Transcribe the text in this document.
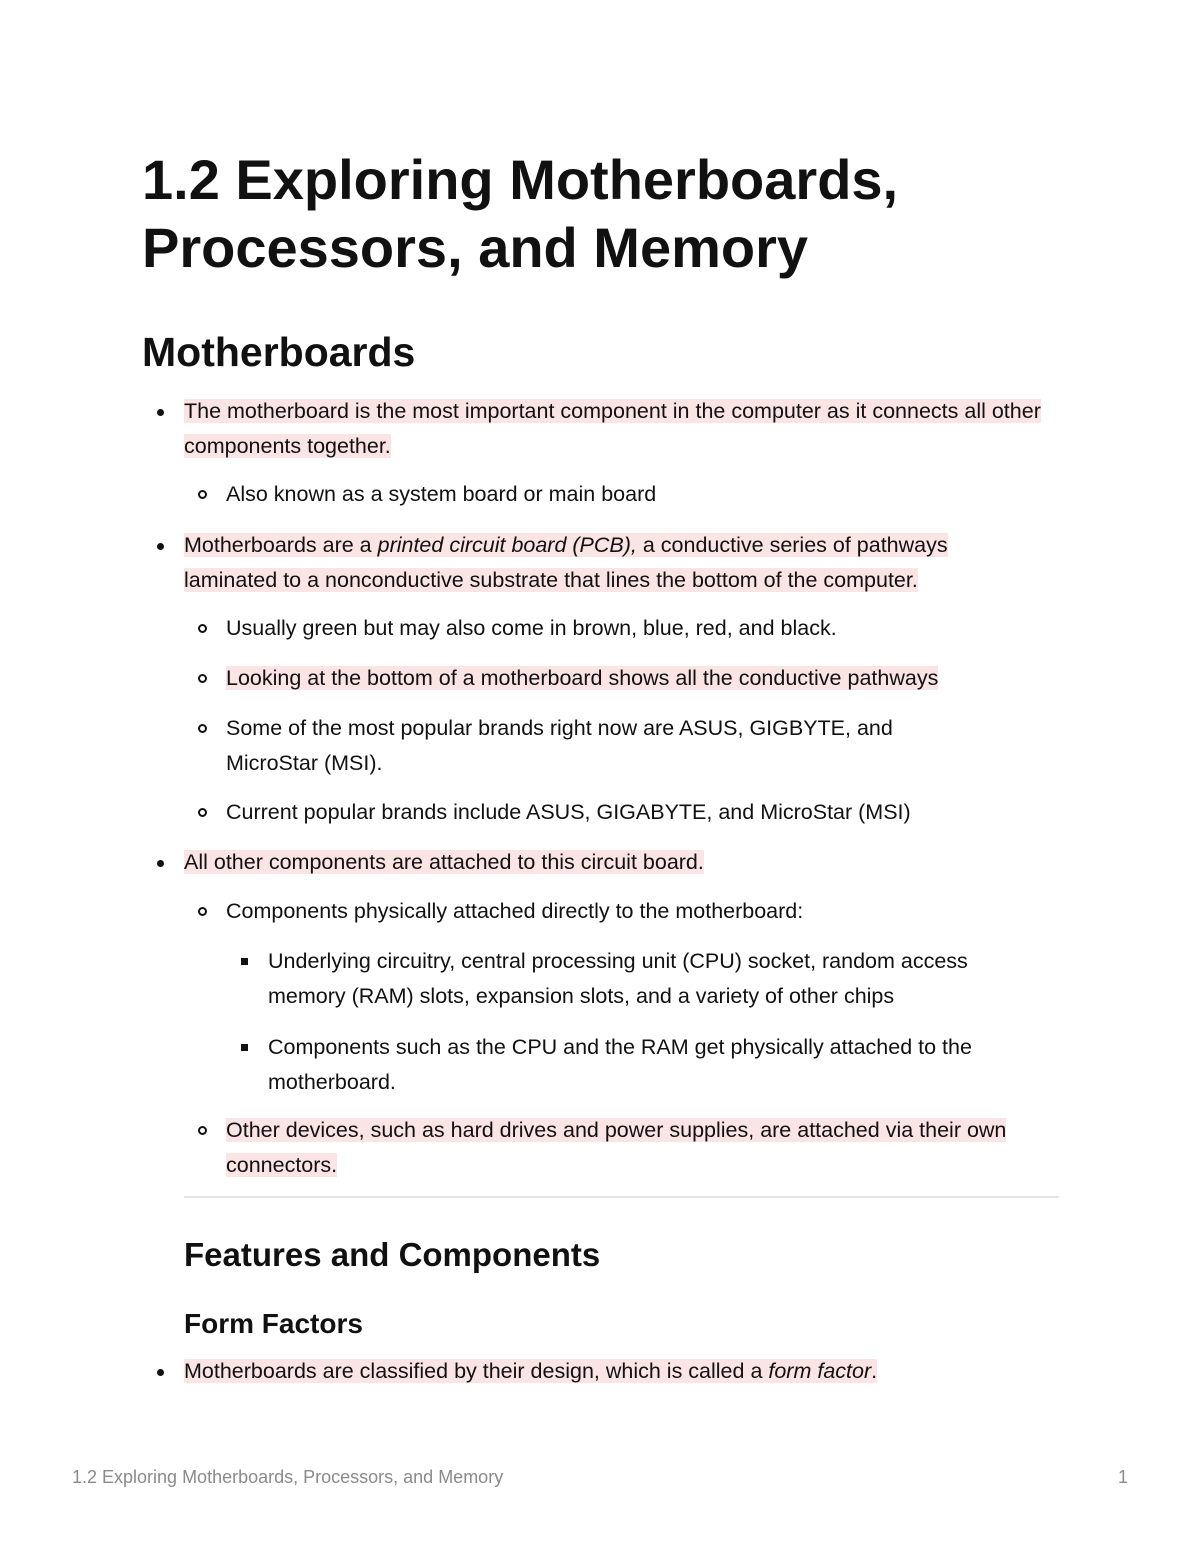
1.2 Exploring Motherboards, Processors, and Memory
Motherboards

The motherboard is the most important component in the computer as it connects all other components together.

Also known as a system board or main board

Motherboards are a printed circuit board (PCB), a conductive series of pathways laminated to a nonconductive substrate that lines the bottom of the computer.

Usually green but may also come in brown, blue, red, and black.

Looking at the bottom of a motherboard shows all the conductive pathways

Some of the most popular brands right now are ASUS, GIGBYTE, and MicroStar (MSI).

Current popular brands include ASUS, GIGABYTE, and MicroStar (MSI)

All other components are attached to this circuit board.

Components physically attached directly to the motherboard:

Underlying circuitry, central processing unit (CPU) socket, random access memory (RAM) slots, expansion slots, and a variety of other chips

Components such as the CPU and the RAM get physically attached to the motherboard.

Other devices, such as hard drives and power supplies, are attached via their own connectors.

Features and Components
Form Factors

Motherboards are classified by their design, which is called a form factor.

1.2 Exploring Motherboards, Processors, and Memory	1
